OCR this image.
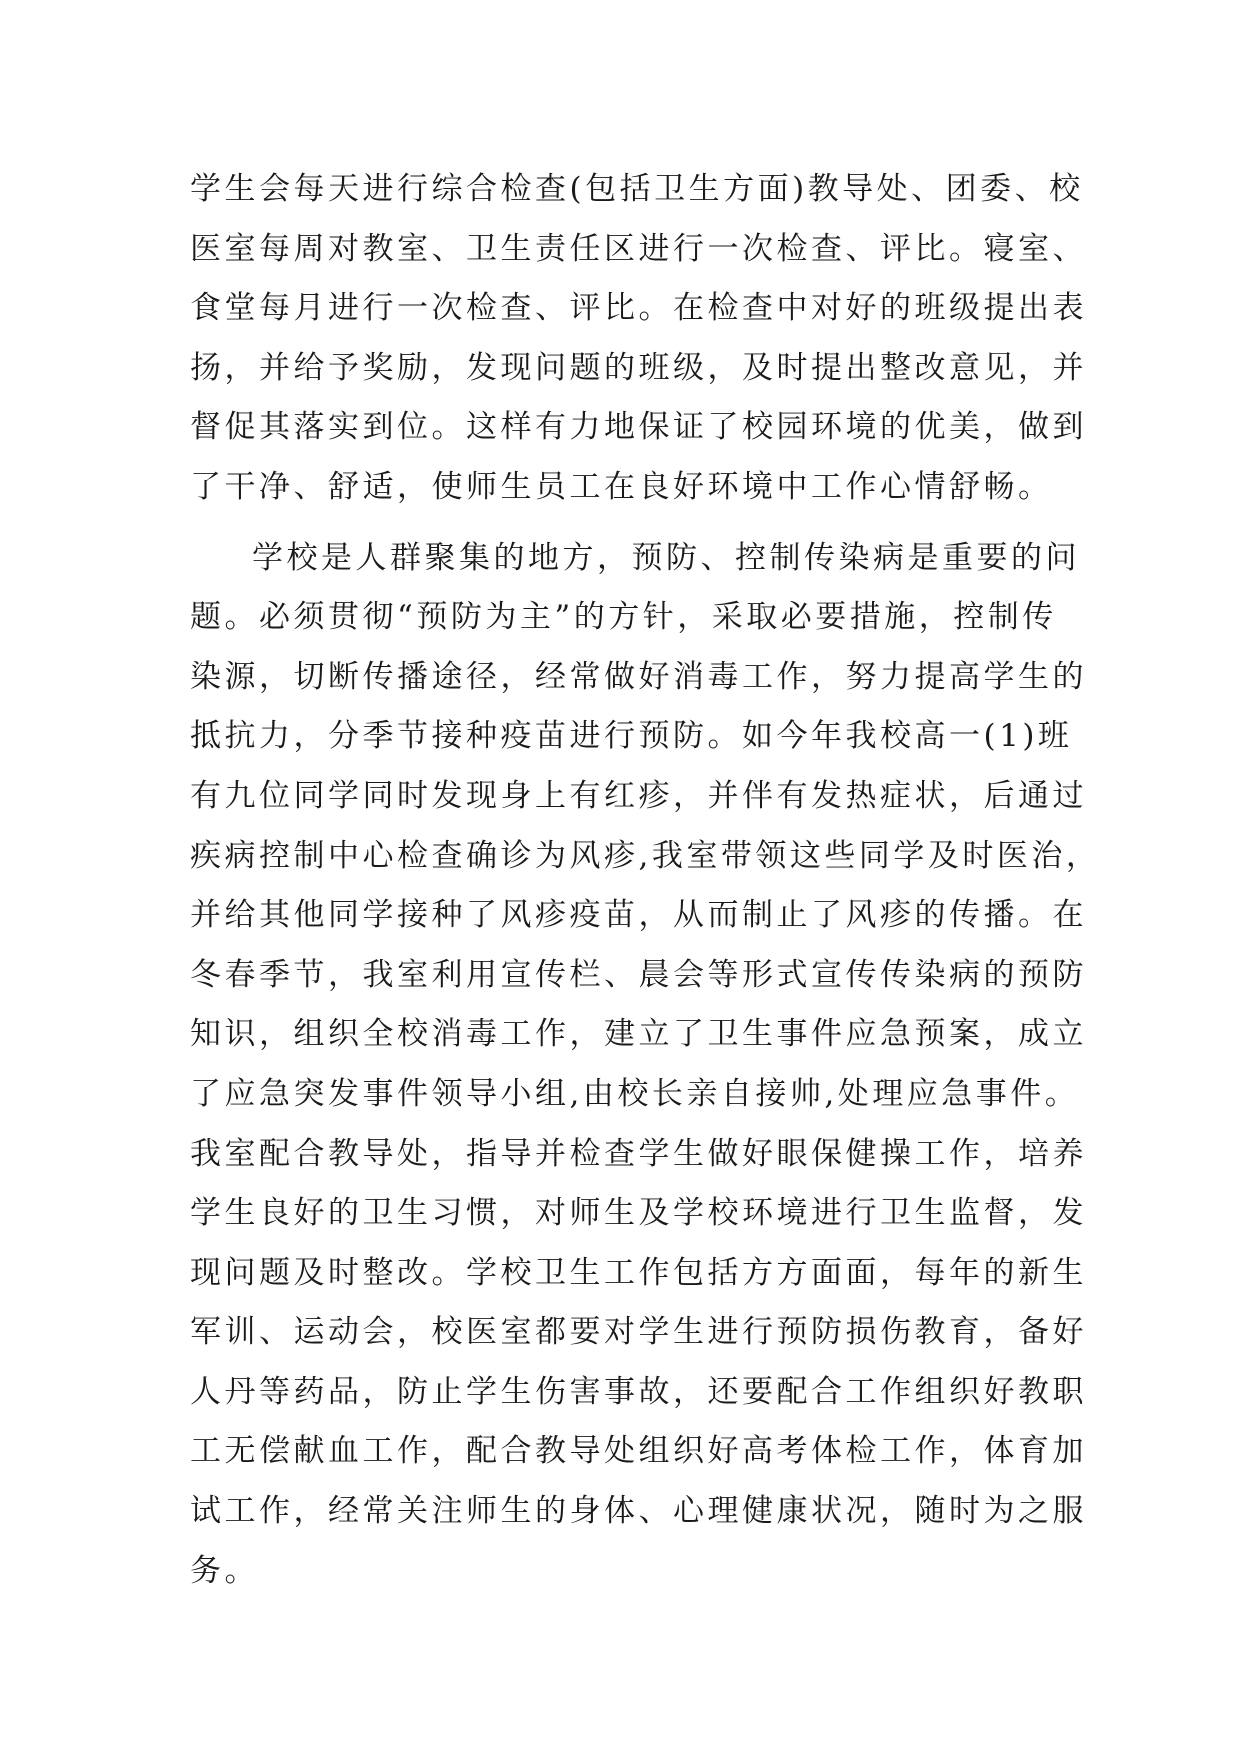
学生会每天进行综合检查(包括卫生方面)教导处、团委、校
医室每周对教室、卫生责任区进行一次检查、评比。寝室、
食堂每月进行一次检查、评比。在检查中对好的班级提出表
扬，并给予奖励，发现问题的班级，及时提出整改意见，并
督促其落实到位。这样有力地保证了校园环境的优美，做到
了干净、舒适，使师生员工在良好环境中工作心情舒畅。
学校是人群聚集的地方，预防、控制传染病是重要的问
题。必须贯彻“预防为主”的方针，采取必要措施，控制传
染源，切断传播途径，经常做好消毒工作，努力提高学生的
抵抗力，分季节接种疫苗进行预防。如今年我校高一(1)班
有九位同学同时发现身上有红疹，并伴有发热症状，后通过
疾病控制中心检查确诊为风疹,我室带领这些同学及时医治，
并给其他同学接种了风疹疫苗，从而制止了风疹的传播。在
冬春季节，我室利用宣传栏、晨会等形式宣传传染病的预防
知识，组织全校消毒工作，建立了卫生事件应急预案，成立
了应急突发事件领导小组,由校长亲自接帅,处理应急事件。
我室配合教导处，指导并检查学生做好眼保健操工作，培养
学生良好的卫生习惯，对师生及学校环境进行卫生监督，发
现问题及时整改。学校卫生工作包括方方面面，每年的新生
军训、运动会，校医室都要对学生进行预防损伤教育，备好
人丹等药品，防止学生伤害事故，还要配合工作组织好教职
工无偿献血工作，配合教导处组织好高考体检工作，体育加
试工作，经常关注师生的身体、心理健康状况，随时为之服
务。
